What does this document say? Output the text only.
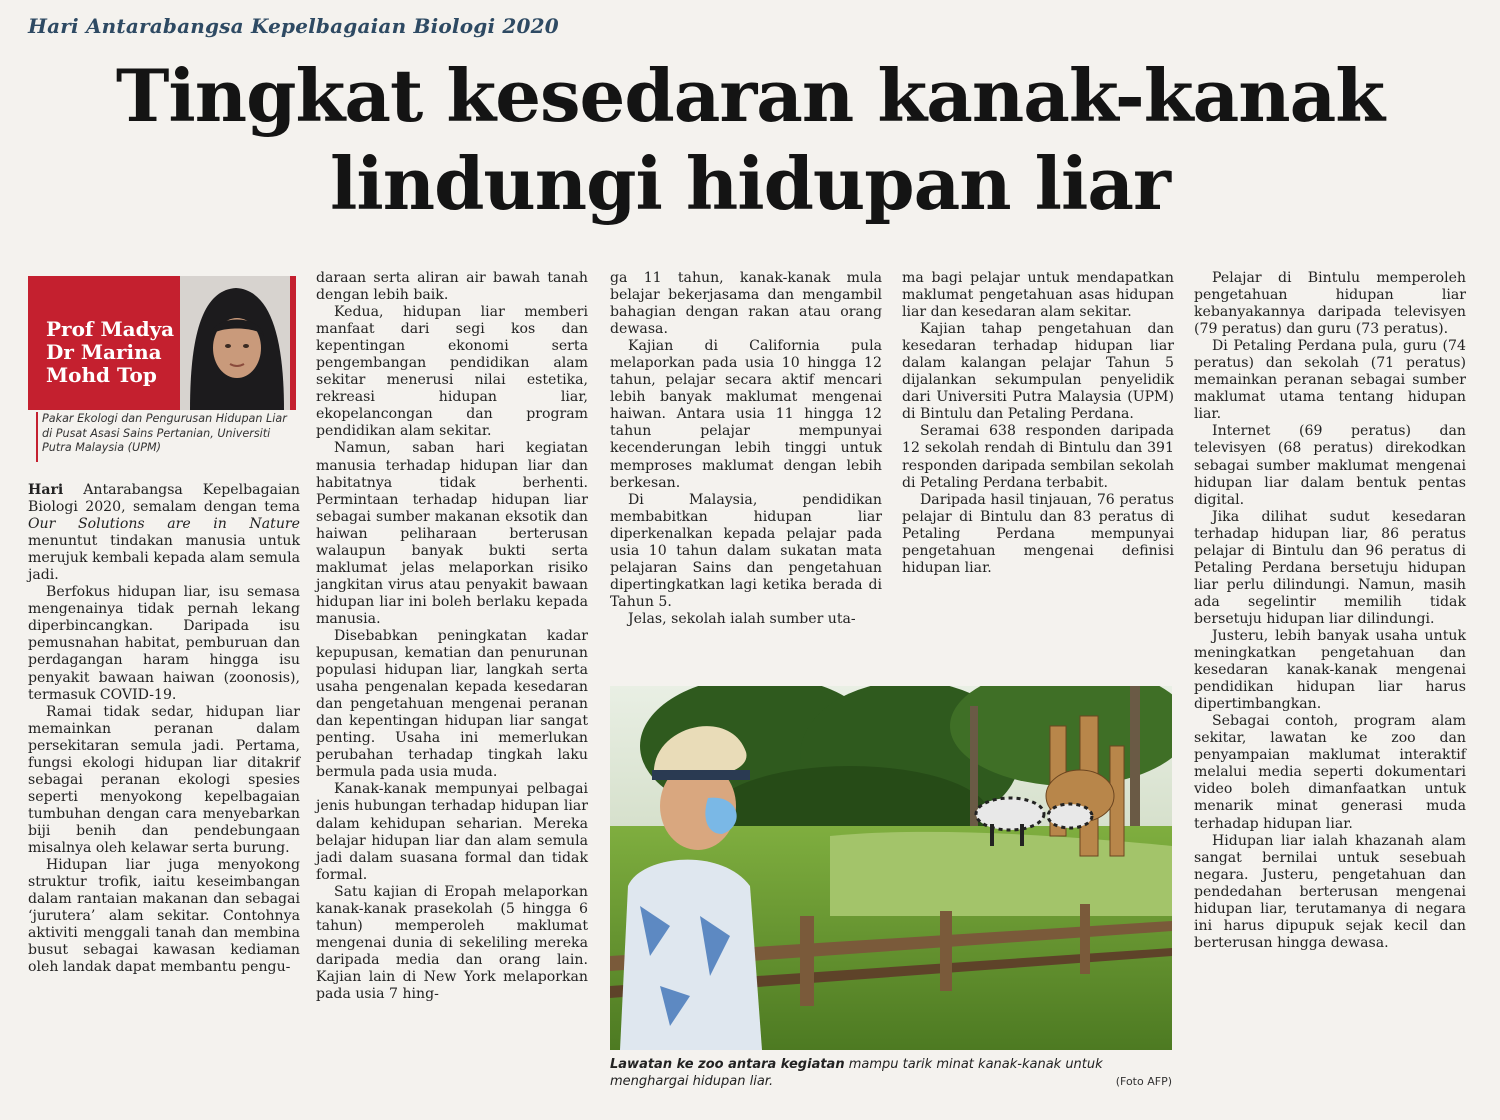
Hari Antarabangsa Kepelbagaian Biologi 2020
Tingkat kesedaran kanak-kanak
lindungi hidupan liar
Prof Madya
Dr Marina
Mohd Top
Pakar Ekologi dan Pengurusan Hidupan Liar di Pusat Asasi Sains Pertanian, Universiti Putra Malaysia (UPM)

Hari Antarabangsa Kepelbagaian Biologi 2020, semalam dengan tema Our Solutions are in Nature menuntut tindakan manusia untuk merujuk kembali kepada alam semula jadi.

Berfokus hidupan liar, isu semasa mengenainya tidak pernah lekang diperbincangkan. Daripada isu pemusnahan habitat, pemburuan dan perdagangan haram hingga isu penyakit bawaan haiwan (zoonosis), termasuk COVID-19.

Ramai tidak sedar, hidupan liar memainkan peranan dalam persekitaran semula jadi. Pertama, fungsi ekologi hidupan liar ditakrif sebagai peranan ekologi spesies seperti menyokong kepelbagaian tumbuhan dengan cara menyebarkan biji benih dan pendebungaan misalnya oleh kelawar serta burung.

Hidupan liar juga menyokong struktur trofik, iaitu keseimbangan dalam rantaian makanan dan sebagai ‘jurutera’ alam sekitar. Contohnya aktiviti menggali tanah dan membina busut sebagai kawasan kediaman oleh landak dapat membantu pengu-

daraan serta aliran air bawah tanah dengan lebih baik.

Kedua, hidupan liar memberi manfaat dari segi kos dan kepentingan ekonomi serta pengembangan pendidikan alam sekitar menerusi nilai estetika, rekreasi hidupan liar, ekopelancongan dan program pendidikan alam sekitar.

Namun, saban hari kegiatan manusia terhadap hidupan liar dan habitatnya tidak berhenti. Permintaan terhadap hidupan liar sebagai sumber makanan eksotik dan haiwan peliharaan berterusan walaupun banyak bukti serta maklumat jelas melaporkan risiko jangkitan virus atau penyakit bawaan hidupan liar ini boleh berlaku kepada manusia.

Disebabkan peningkatan kadar kepupusan, kematian dan penurunan populasi hidupan liar, langkah serta usaha pengenalan kepada kesedaran dan pengetahuan mengenai peranan dan kepentingan hidupan liar sangat penting. Usaha ini memerlukan perubahan terhadap tingkah laku bermula pada usia muda.

Kanak-kanak mempunyai pelbagai jenis hubungan terhadap hidupan liar dalam kehidupan seharian. Mereka belajar hidupan liar dan alam semula jadi dalam suasana formal dan tidak formal.

Satu kajian di Eropah melaporkan kanak-kanak prasekolah (5 hingga 6 tahun) memperoleh maklumat mengenai dunia di sekeliling mereka daripada media dan orang lain. Kajian lain di New York melaporkan pada usia 7 hing-

ga 11 tahun, kanak-kanak mula belajar bekerjasama dan mengambil bahagian dengan rakan atau orang dewasa.

Kajian di California pula melaporkan pada usia 10 hingga 12 tahun, pelajar secara aktif mencari lebih banyak maklumat mengenai haiwan. Antara usia 11 hingga 12 tahun pelajar mempunyai kecenderungan lebih tinggi untuk memproses maklumat dengan lebih berkesan.

Di Malaysia, pendidikan membabitkan hidupan liar diperkenalkan kepada pelajar pada usia 10 tahun dalam sukatan mata pelajaran Sains dan pengetahuan dipertingkatkan lagi ketika berada di Tahun 5.

Jelas, sekolah ialah sumber uta-

ma bagi pelajar untuk mendapatkan maklumat pengetahuan asas hidupan liar dan kesedaran alam sekitar.

Kajian tahap pengetahuan dan kesedaran terhadap hidupan liar dalam kalangan pelajar Tahun 5 dijalankan sekumpulan penyelidik dari Universiti Putra Malaysia (UPM) di Bintulu dan Petaling Perdana.

Seramai 638 responden daripada 12 sekolah rendah di Bintulu dan 391 responden daripada sembilan sekolah di Petaling Perdana terbabit.

Daripada hasil tinjauan, 76 peratus pelajar di Bintulu dan 83 peratus di Petaling Perdana mempunyai pengetahuan mengenai definisi hidupan liar.

Pelajar di Bintulu memperoleh pengetahuan hidupan liar kebanyakannya daripada televisyen (79 peratus) dan guru (73 peratus).

Di Petaling Perdana pula, guru (74 peratus) dan sekolah (71 peratus) memainkan peranan sebagai sumber maklumat utama tentang hidupan liar.

Internet (69 peratus) dan televisyen (68 peratus) direkodkan sebagai sumber maklumat mengenai hidupan liar dalam bentuk pentas digital.

Jika dilihat sudut kesedaran terhadap hidupan liar, 86 peratus pelajar di Bintulu dan 96 peratus di Petaling Perdana bersetuju hidupan liar perlu dilindungi. Namun, masih ada segelintir memilih tidak bersetuju hidupan liar dilindungi.

Justeru, lebih banyak usaha untuk meningkatkan pengetahuan dan kesedaran kanak-kanak mengenai pendidikan hidupan liar harus dipertimbangkan.

Sebagai contoh, program alam sekitar, lawatan ke zoo dan penyampaian maklumat interaktif melalui media seperti dokumentari video boleh dimanfaatkan untuk menarik minat generasi muda terhadap hidupan liar.

Hidupan liar ialah khazanah alam sangat bernilai untuk sesebuah negara. Justeru, pengetahuan dan pendedahan berterusan mengenai hidupan liar, terutamanya di negara ini harus dipupuk sejak kecil dan berterusan hingga dewasa.

Lawatan ke zoo antara kegiatan mampu tarik minat kanak-kanak untuk menghargai hidupan liar.	(Foto AFP)
